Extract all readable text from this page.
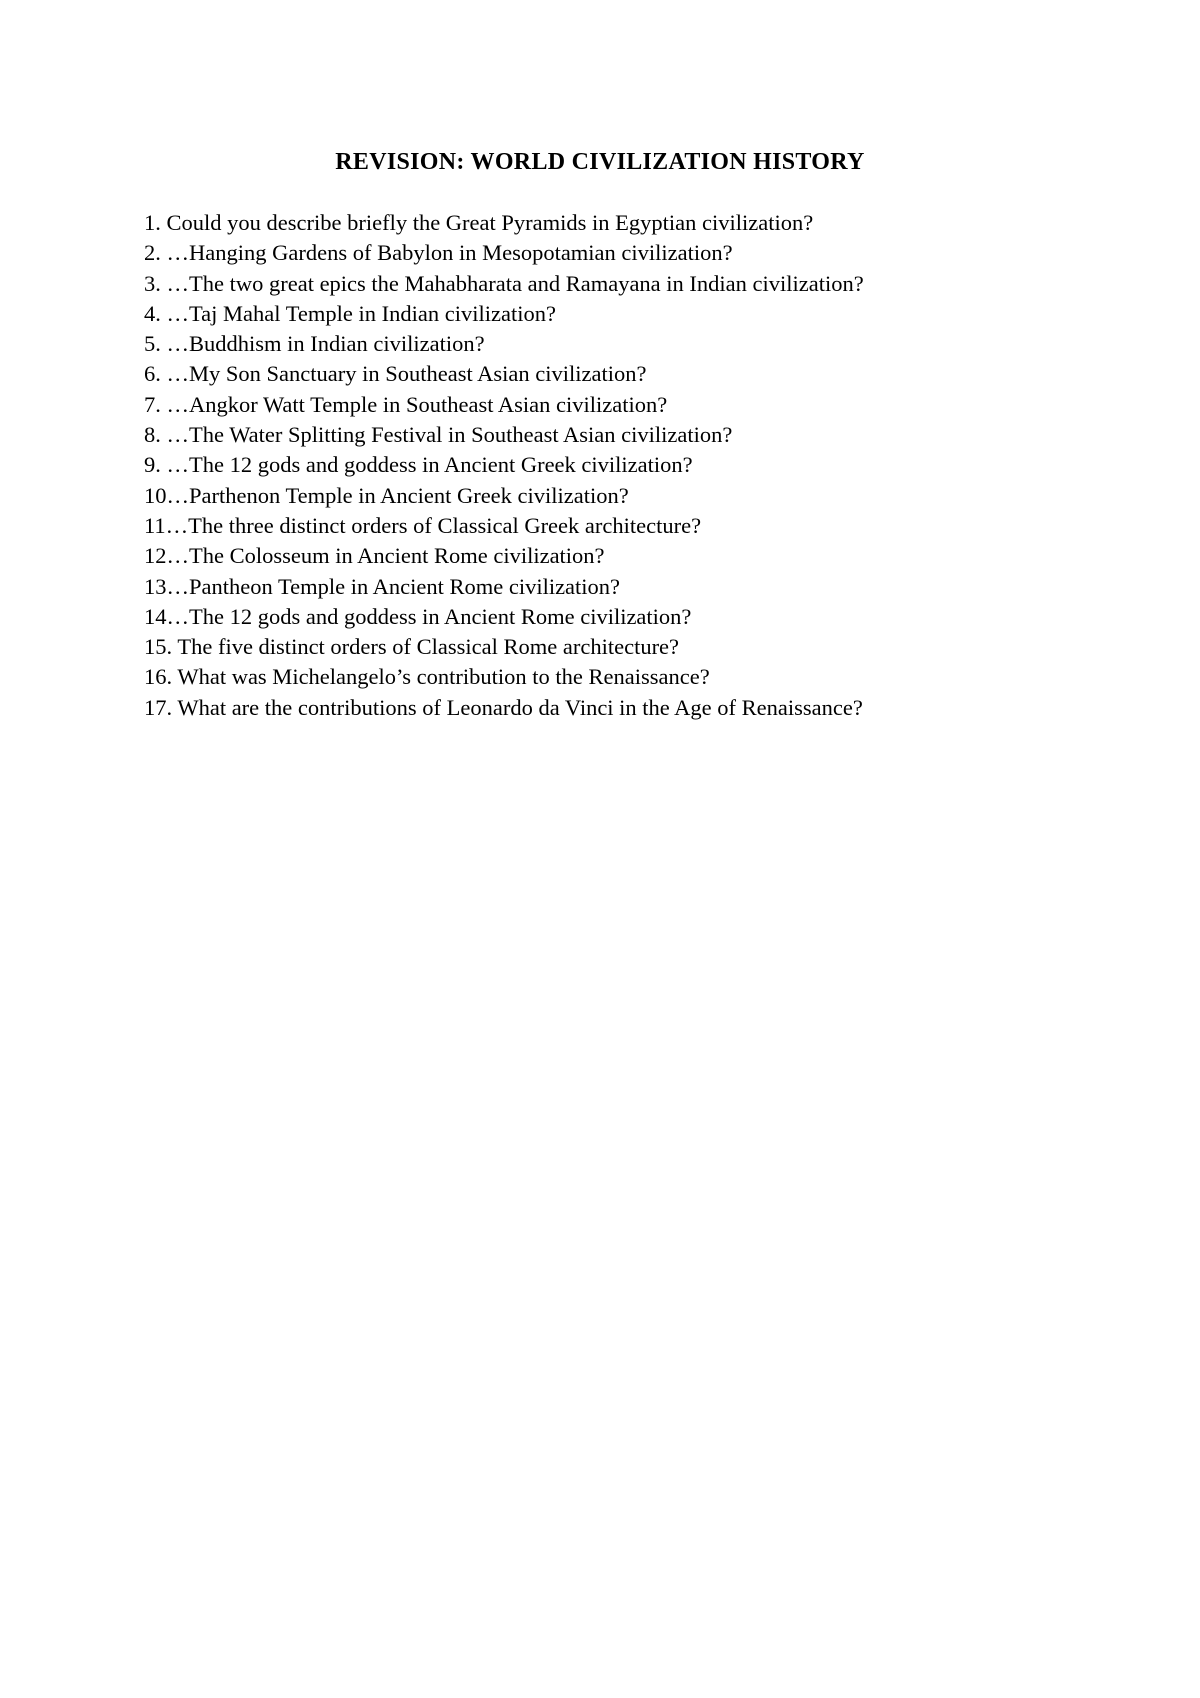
REVISION: WORLD CIVILIZATION HISTORY
1. Could you describe briefly the Great Pyramids in Egyptian civilization?
2. …Hanging Gardens of Babylon in Mesopotamian civilization?
3. …The two great epics the Mahabharata and Ramayana in Indian civilization?
4. …Taj Mahal Temple in Indian civilization?
5. …Buddhism in Indian civilization?
6. …My Son Sanctuary in Southeast Asian civilization?
7. …Angkor Watt Temple in Southeast Asian civilization?
8. …The Water Splitting Festival in Southeast Asian civilization?
9. …The 12 gods and goddess in Ancient Greek civilization?
10…Parthenon Temple in Ancient Greek civilization?
11…The three distinct orders of Classical Greek architecture?
12…The Colosseum in Ancient Rome civilization?
13…Pantheon Temple in Ancient Rome civilization?
14…The 12 gods and goddess in Ancient Rome civilization?
15. The five distinct orders of Classical Rome architecture?
16. What was Michelangelo’s contribution to the Renaissance?
17. What are the contributions of Leonardo da Vinci in the Age of Renaissance?
